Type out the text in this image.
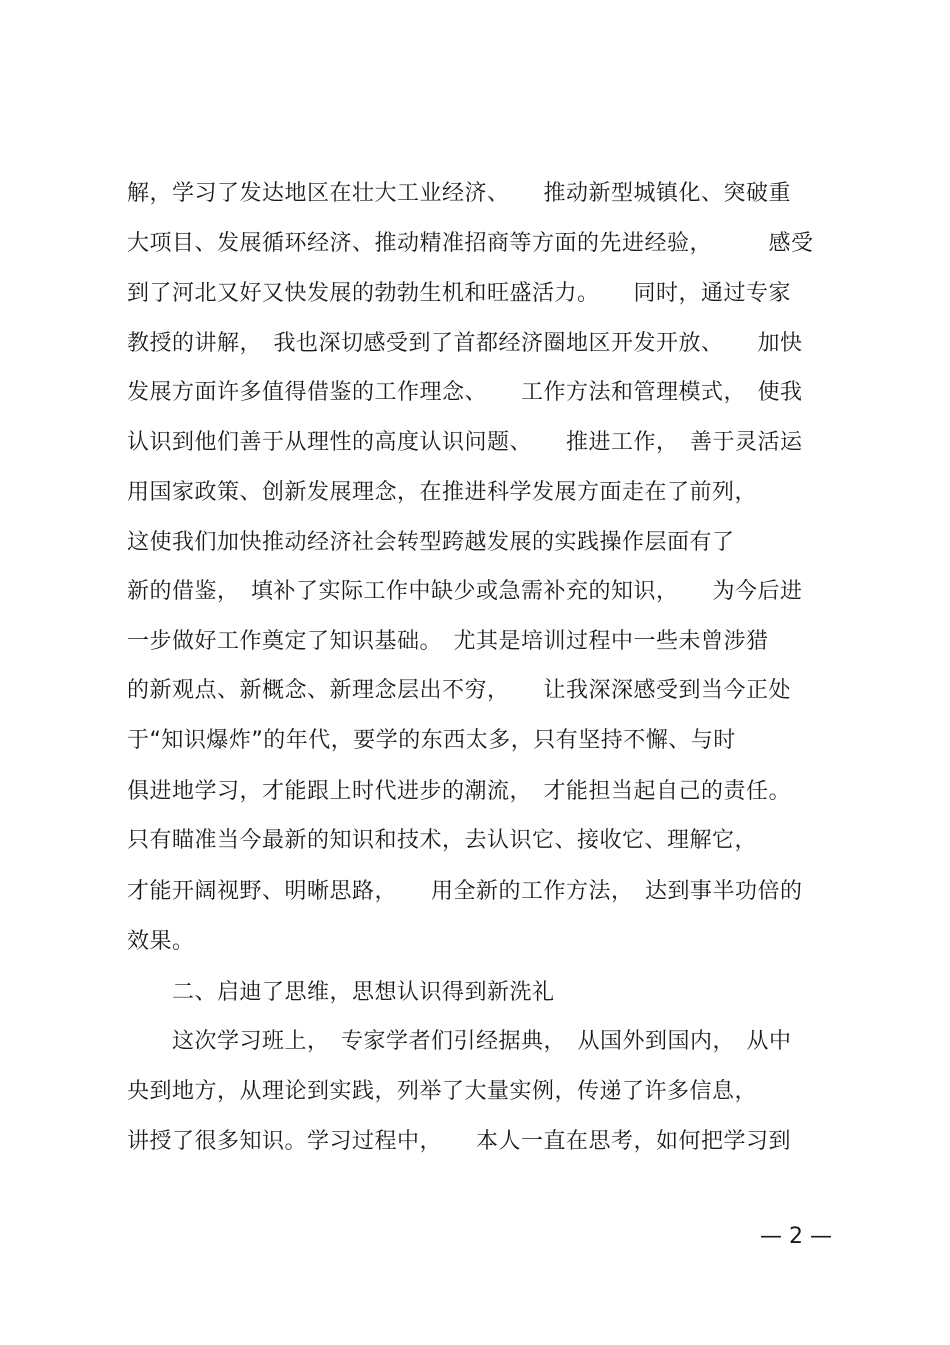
解，学习了发达地区在壮大工业经济、　　推动新型城镇化、突破重
大项目、发展循环经济、推动精准招商等方面的先进经验，　　　感受
到了河北又好又快发展的勃勃生机和旺盛活力。　　同时，通过专家
教授的讲解，　我也深切感受到了首都经济圈地区开发开放、　　加快
发展方面许多值得借鉴的工作理念、　　工作方法和管理模式，　使我
认识到他们善于从理性的高度认识问题、　　推进工作，　善于灵活运
用国家政策、创新发展理念，在推进科学发展方面走在了前列，
这使我们加快推动经济社会转型跨越发展的实践操作层面有了
新的借鉴，　填补了实际工作中缺少或急需补充的知识，　　为今后进
一步做好工作奠定了知识基础。　尤其是培训过程中一些未曾涉猎
的新观点、新概念、新理念层出不穷，　　让我深深感受到当今正处
于“知识爆炸”的年代，要学的东西太多，只有坚持不懈、与时
俱进地学习，才能跟上时代进步的潮流，　才能担当起自己的责任。
只有瞄准当今最新的知识和技术，去认识它、接收它、理解它，
才能开阔视野、明晰思路，　　用全新的工作方法，　达到事半功倍的
效果。
　　二、启迪了思维，思想认识得到新洗礼
　　这次学习班上，　专家学者们引经据典，　从国外到国内，　从中
央到地方，从理论到实践，列举了大量实例，传递了许多信息，
讲授了很多知识。学习过程中，　　本人一直在思考，如何把学习到
— 2 —
